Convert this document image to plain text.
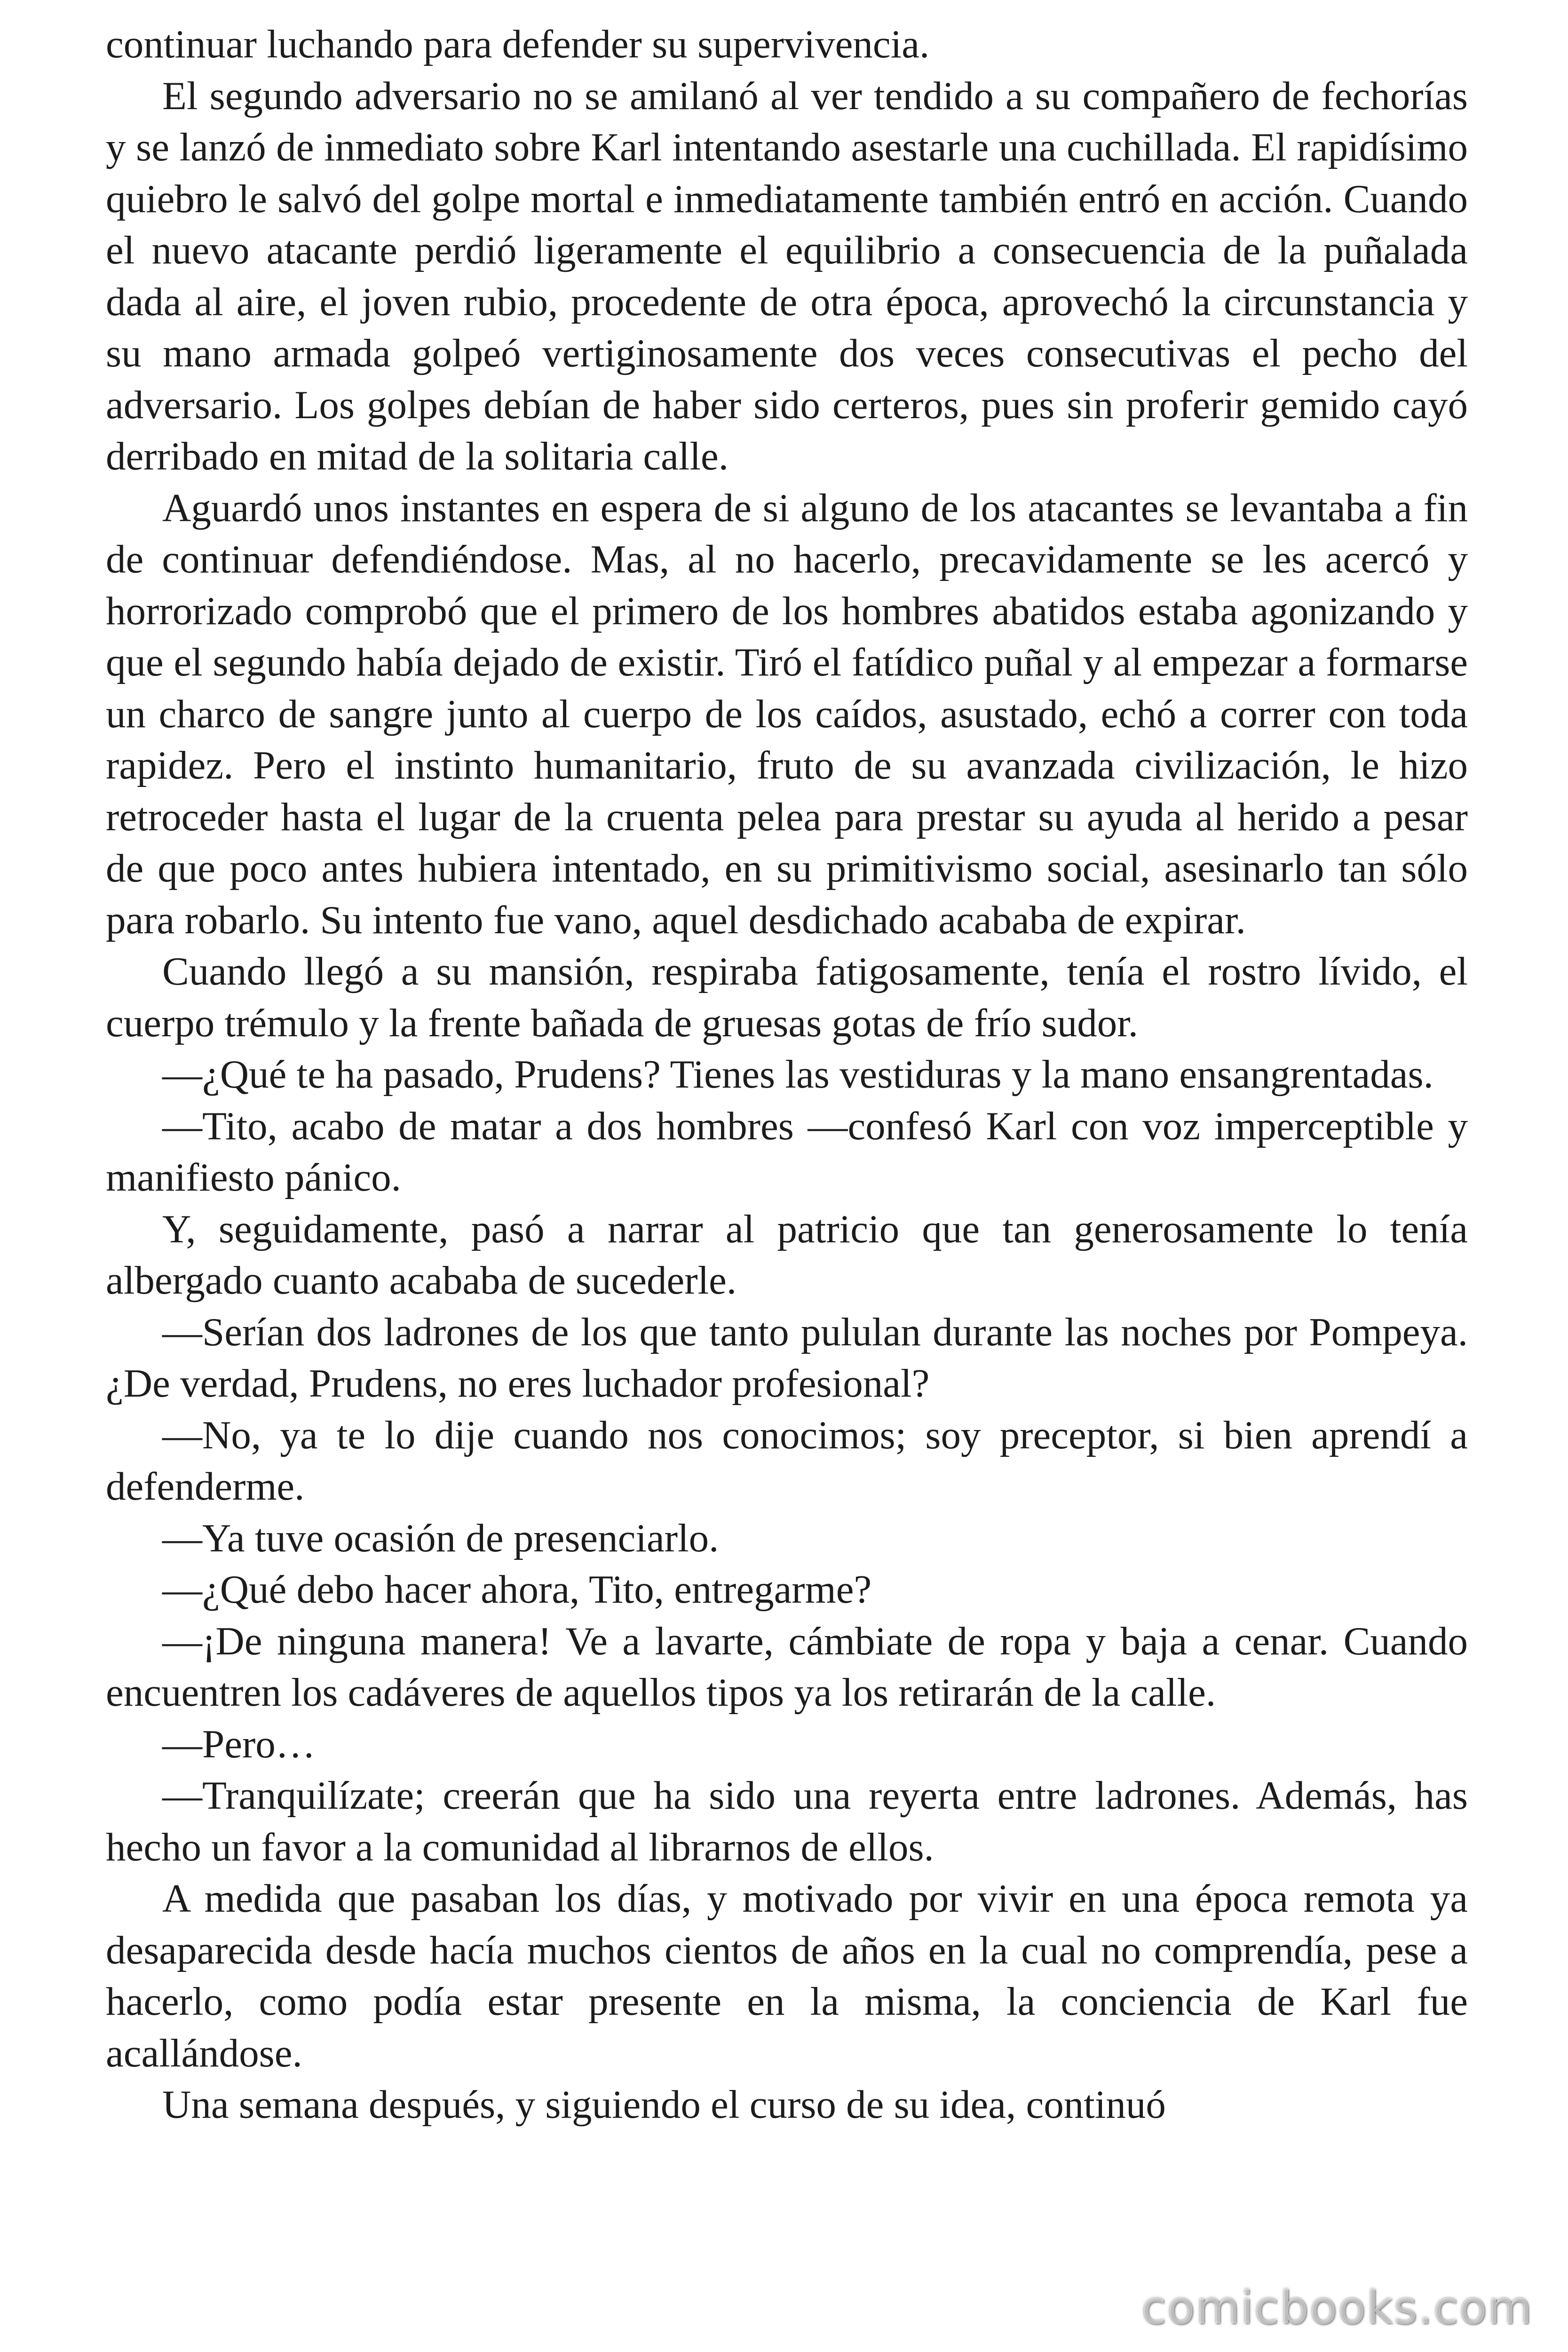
continuar luchando para defender su supervivencia.

El segundo adversario no se amilanó al ver tendido a su compañero de fechorías y se lanzó de inmediato sobre Karl intentando asestarle una cuchillada. El rapidísimo quiebro le salvó del golpe mortal e inmediatamente también entró en acción. Cuando el nuevo atacante perdió ligeramente el equilibrio a consecuencia de la puñalada dada al aire, el joven rubio, procedente de otra época, aprovechó la circunstancia y su mano armada golpeó vertiginosamente dos veces consecutivas el pecho del adversario. Los golpes debían de haber sido certeros, pues sin proferir gemido cayó derribado en mitad de la solitaria calle.

Aguardó unos instantes en espera de si alguno de los atacantes se levantaba a fin de continuar defendiéndose. Mas, al no hacerlo, precavidamente se les acercó y horrorizado comprobó que el primero de los hombres abatidos estaba agonizando y que el segundo había dejado de existir. Tiró el fatídico puñal y al empezar a formarse un charco de sangre junto al cuerpo de los caídos, asustado, echó a correr con toda rapidez. Pero el instinto humanitario, fruto de su avanzada civilización, le hizo retroceder hasta el lugar de la cruenta pelea para prestar su ayuda al herido a pesar de que poco antes hubiera intentado, en su primitivismo social, asesinarlo tan sólo para robarlo. Su intento fue vano, aquel desdichado acababa de expirar.

Cuando llegó a su mansión, respiraba fatigosamente, tenía el rostro lívido, el cuerpo trémulo y la frente bañada de gruesas gotas de frío sudor.

—¿Qué te ha pasado, Prudens? Tienes las vestiduras y la mano ensangrentadas.

—Tito, acabo de matar a dos hombres —confesó Karl con voz imperceptible y manifiesto pánico.

Y, seguidamente, pasó a narrar al patricio que tan generosamente lo tenía albergado cuanto acababa de sucederle.

—Serían dos ladrones de los que tanto pululan durante las noches por Pompeya. ¿De verdad, Prudens, no eres luchador profesional?

—No, ya te lo dije cuando nos conocimos; soy preceptor, si bien aprendí a defenderme.

—Ya tuve ocasión de presenciarlo.

—¿Qué debo hacer ahora, Tito, entregarme?

—¡De ninguna manera! Ve a lavarte, cámbiate de ropa y baja a cenar. Cuando encuentren los cadáveres de aquellos tipos ya los retirarán de la calle.

—Pero…

—Tranquilízate; creerán que ha sido una reyerta entre ladrones. Además, has hecho un favor a la comunidad al librarnos de ellos.

A medida que pasaban los días, y motivado por vivir en una época remota ya desaparecida desde hacía muchos cientos de años en la cual no comprendía, pese a hacerlo, como podía estar presente en la misma, la conciencia de Karl fue acallándose.

Una semana después, y siguiendo el curso de su idea, continuó

comicbooks.com
